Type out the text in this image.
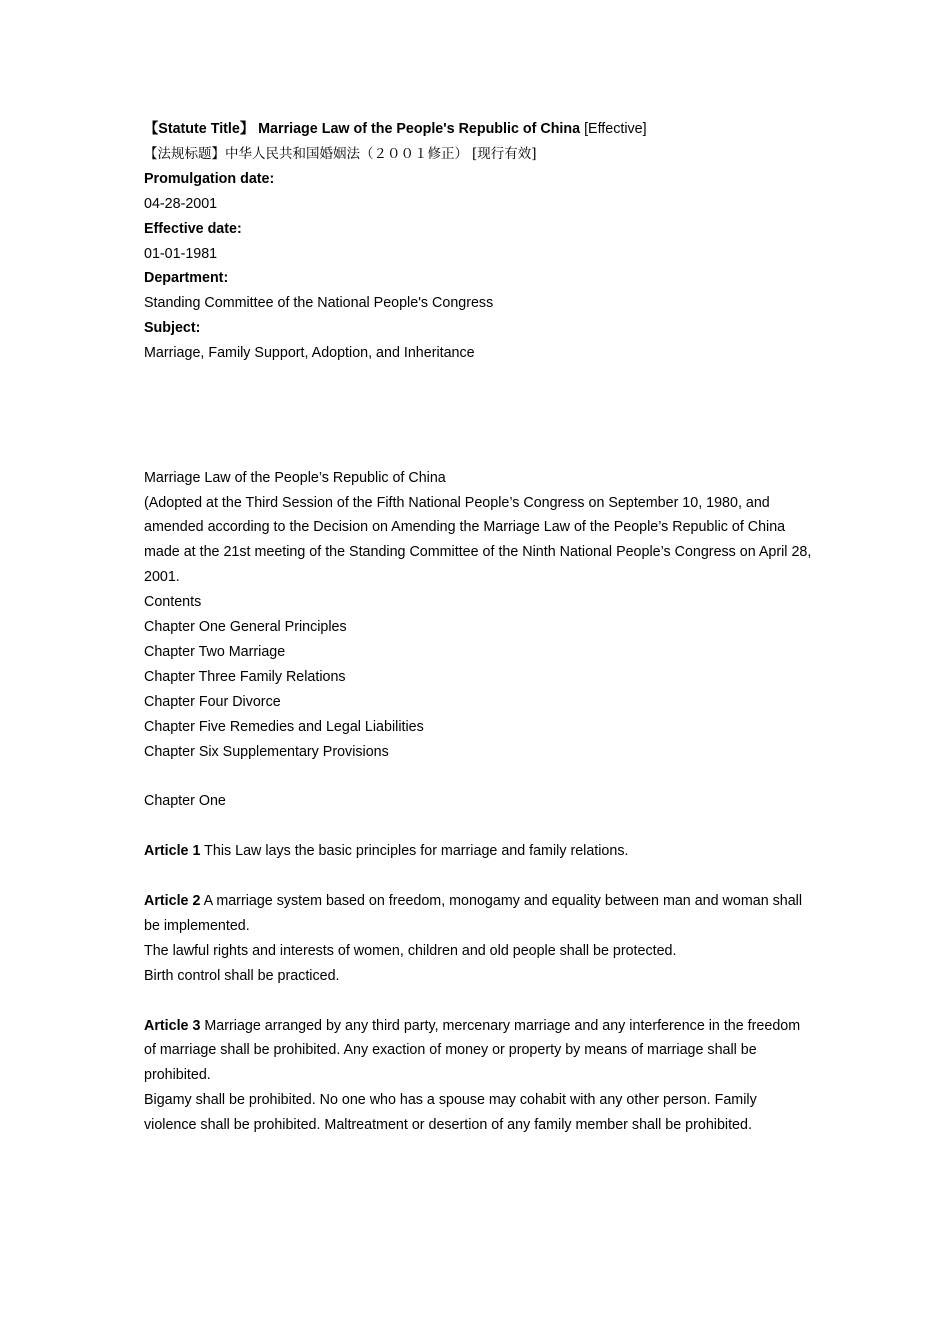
【Statute Title】 Marriage Law of the People's Republic of China [Effective]
【法规标题】中华人民共和国婚姻法（２００１修正） [现行有效]
Promulgation date:
04-28-2001
Effective date:
01-01-1981
Department:
Standing Committee of the National People's Congress
Subject:
Marriage, Family Support, Adoption, and Inheritance
Marriage Law of the People’s Republic of China
(Adopted at the Third Session of the Fifth National People’s Congress on September 10, 1980, and
amended according to the Decision on Amending the Marriage Law of the People’s Republic of China
made at the 21st meeting of the Standing Committee of the Ninth National People’s Congress on April 28,
2001.
Contents
Chapter One General Principles
Chapter Two Marriage
Chapter Three Family Relations
Chapter Four Divorce
Chapter Five Remedies and Legal Liabilities
Chapter Six Supplementary Provisions
Chapter One
Article 1 This Law lays the basic principles for marriage and family relations.
Article 2 A marriage system based on freedom, monogamy and equality between man and woman shall
be implemented.
The lawful rights and interests of women, children and old people shall be protected.
Birth control shall be practiced.
Article 3 Marriage arranged by any third party, mercenary marriage and any interference in the freedom
of marriage shall be prohibited. Any exaction of money or property by means of marriage shall be
prohibited.
Bigamy shall be prohibited. No one who has a spouse may cohabit with any other person. Family
violence shall be prohibited. Maltreatment or desertion of any family member shall be prohibited.
